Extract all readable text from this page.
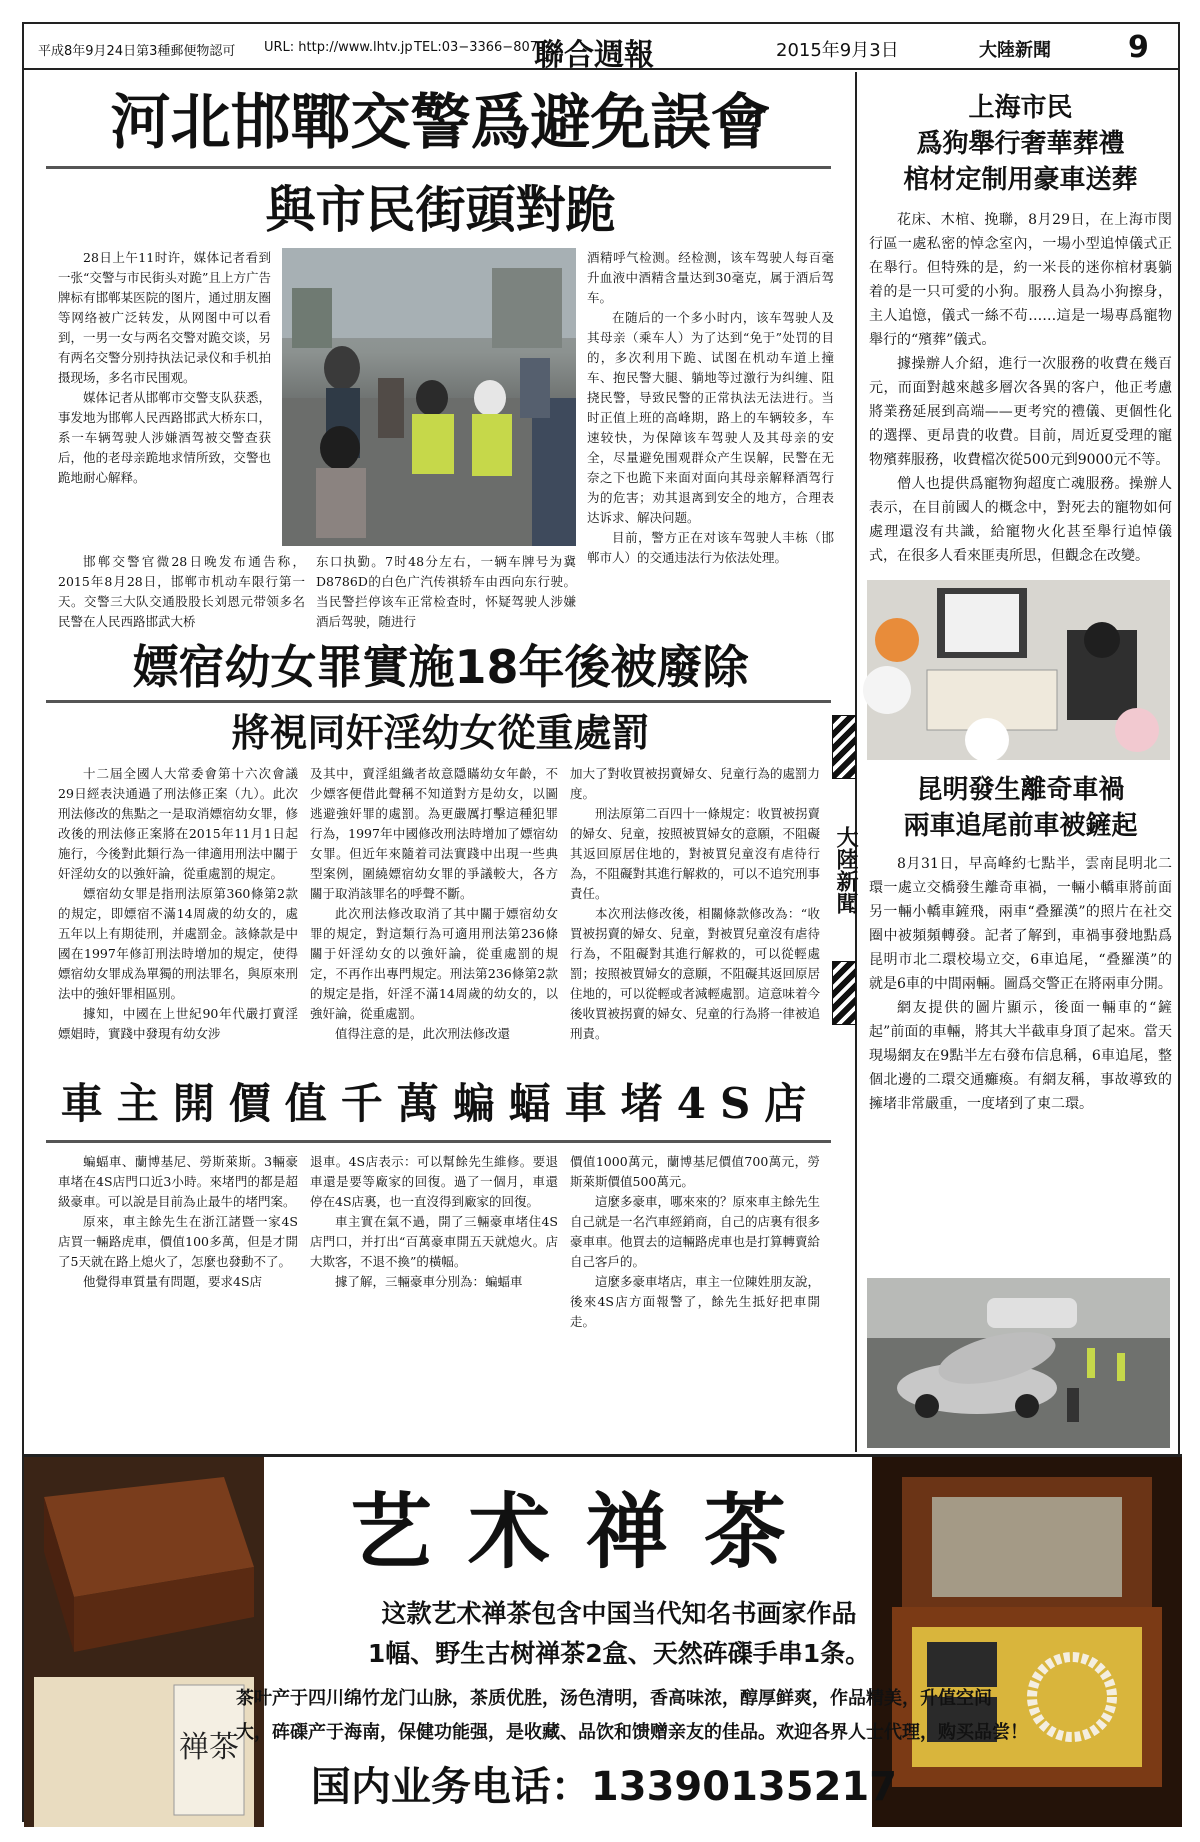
平成8年9月24日第3種郵便物認可 URL: http://www.lhtv.jp TEL:03−3366−8071
聯合週報	2015年9月3日	大陸新聞	9
河北邯鄲交警爲避免誤會
與市民街頭對跪

28日上午11时许，媒体记者看到一张“交警与市民街头对跪”且上方广告牌标有邯郸某医院的图片，通过朋友圈等网络被广泛转发，从网图中可以看到，一男一女与两名交警对跪交谈，另有两名交警分别持执法记录仪和手机拍摄现场，多名市民围观。

媒体记者从邯郸市交警支队获悉，事发地为邯郸人民西路邯武大桥东口，系一车辆驾驶人涉嫌酒驾被交警查获后，他的老母亲跪地求情所致，交警也跪地耐心解释。

酒精呼气检测。经检测，该车驾驶人每百毫升血液中酒精含量达到30毫克，属于酒后驾车。

在随后的一个多小时内，该车驾驶人及其母亲（乘车人）为了达到“免于”处罚的目的，多次利用下跪、试图在机动车道上撞车、抱民警大腿、躺地等过激行为纠缠、阻挠民警，导致民警的正常执法无法进行。当时正值上班的高峰期，路上的车辆较多，车速较快，为保障该车驾驶人及其母亲的安全，尽量避免围观群众产生误解，民警在无奈之下也跪下来面对面向其母亲解释酒驾行为的危害；劝其退离到安全的地方，合理表达诉求、解决问题。

目前，警方正在对该车驾驶人丰栋（邯郸市人）的交通违法行为依法处理。

邯郸交警官微28日晚发布通告称，2015年8月28日，邯郸市机动车限行第一天。交警三大队交通股股长刘恩元带领多名民警在人民西路邯武大桥

东口执勤。7时48分左右，一辆车牌号为冀D8786D的白色广汽传祺轿车由西向东行驶。当民警拦停该车正常检查时，怀疑驾驶人涉嫌酒后驾驶，随进行

嫖宿幼女罪實施18年後被廢除
將視同奸淫幼女從重處罰

十二屆全國人大常委會第十六次會議29日經表決通過了刑法修正案（九）。此次刑法修改的焦點之一是取消嫖宿幼女罪，修改後的刑法修正案將在2015年11月1日起施行，今後對此類行為一律適用刑法中關于奸淫幼女的以強奸論，從重處罰的規定。

嫖宿幼女罪是指刑法原第360條第2款的規定，即嫖宿不滿14周歲的幼女的，處五年以上有期徒刑，并處罰金。該條款是中國在1997年修訂刑法時增加的規定，使得嫖宿幼女罪成為單獨的刑法罪名，與原來刑法中的強奸罪相區別。

據知，中國在上世紀90年代嚴打賣淫嫖娼時，實踐中發現有幼女涉

及其中，賣淫組織者故意隱瞞幼女年齡，不少嫖客便借此聲稱不知道對方是幼女，以圖逃避強奸罪的處罰。為更嚴厲打擊這種犯罪行為，1997年中國修改刑法時增加了嫖宿幼女罪。但近年來隨着司法實踐中出現一些典型案例，圍繞嫖宿幼女罪的爭議較大，各方關于取消該罪名的呼聲不斷。

此次刑法修改取消了其中關于嫖宿幼女罪的規定，對這類行為可適用刑法第236條關于奸淫幼女的以強奸論，從重處罰的規定，不再作出專門規定。刑法第236條第2款的規定是指，奸淫不滿14周歲的幼女的，以強奸論，從重處罰。

值得注意的是，此次刑法修改還

加大了對收買被拐賣婦女、兒童行為的處罰力度。

刑法原第二百四十一條規定：收買被拐賣的婦女、兒童，按照被買婦女的意願，不阻礙其返回原居住地的，對被買兒童沒有虐待行為，不阻礙對其進行解救的，可以不追究刑事責任。

本次刑法修改後，相關條款修改為：“收買被拐賣的婦女、兒童，對被買兒童沒有虐待行為，不阻礙對其進行解救的，可以從輕處罰；按照被買婦女的意願，不阻礙其返回原居住地的，可以從輕或者減輕處罰。這意味着今後收買被拐賣的婦女、兒童的行為將一律被追刑責。

車主開價值千萬蝙蝠車堵4S店

蝙蝠車、蘭博基尼、勞斯萊斯。3輛豪車堵在4S店門口近3小時。來堵門的都是超級豪車。可以說是目前為止最牛的堵門案。

原來，車主餘先生在浙江諸暨一家4S店買一輛路虎車，價值100多萬，但是才開了5天就在路上熄火了，怎麼也發動不了。

他覺得車質量有問題，要求4S店

退車。4S店表示：可以幫餘先生維修。要退車還是要等廠家的回復。過了一個月，車還停在4S店裏，也一直沒得到廠家的回復。

車主實在氣不過，開了三輛豪車堵住4S店門口，并打出“百萬豪車開五天就熄火。店大欺客，不退不換”的橫幅。

據了解，三輛豪車分別為：蝙蝠車

價值1000萬元，蘭博基尼價值700萬元，勞斯萊斯價值500萬元。

這麼多豪車，哪來來的？原來車主餘先生自己就是一名汽車經銷商，自己的店裏有很多豪車車。他買去的這輛路虎車也是打算轉賣給自己客戶的。

這麼多豪車堵店，車主一位陳姓朋友說，後來4S店方面報警了，餘先生抵好把車開走。

大陸新聞
上海市民
爲狗舉行奢華葬禮
棺材定制用豪車送葬

花床、木棺、挽聯，8月29日，在上海市閔行區一處私密的悼念室內，一場小型追悼儀式正在舉行。但特殊的是，約一米長的迷你棺材裏躺着的是一只可愛的小狗。服務人員為小狗擦身，主人追憶，儀式一絲不茍……這是一場專爲寵物舉行的“殯葬”儀式。

據操辦人介紹，進行一次服務的收費在幾百元，而面對越來越多層次各異的客户，他正考慮將業務延展到高端——更考究的禮儀、更個性化的選擇、更昂貴的收費。目前，周近夏受理的寵物殯葬服務，收費檔次從500元到9000元不等。

僧人也提供爲寵物狗超度亡魂服務。操辦人表示，在目前國人的概念中，對死去的寵物如何處理還沒有共識，給寵物火化甚至舉行追悼儀式，在很多人看來匪夷所思，但觀念在改變。

昆明發生離奇車禍
兩車追尾前車被鏟起

8月31日，早高峰約七點半，雲南昆明北二環一處立交橋發生離奇車禍，一輛小轎車將前面另一輛小轎車鏟飛，兩車“叠羅漢”的照片在社交圈中被頻頻轉發。記者了解到，車禍事發地點爲昆明市北二環校場立交，6車追尾，“叠羅漢”的就是6車的中間兩輛。圖爲交警正在將兩車分開。

網友提供的圖片顯示，後面一輛車的“鏟起”前面的車輛，將其大半截車身頂了起來。當天現場網友在9點半左右發布信息稱，6車追尾，整個北邊的二環交通癱瘓。有網友稱，事故導致的擁堵非常嚴重，一度堵到了東二環。

禅茶
艺术禅茶
这款艺术禅茶包含中国当代知名书画家作品
1幅、野生古树禅茶2盒、天然砗磲手串1条。
茶叶产于四川绵竹龙门山脉，茶质优胜，汤色清明，香高味浓，醇厚鲜爽，作品精美，升值空间
大，砗磲产于海南，保健功能强，是收藏、品饮和馈赠亲友的佳品。欢迎各界人士代理，购买品尝！
国内业务电话：13390135217
